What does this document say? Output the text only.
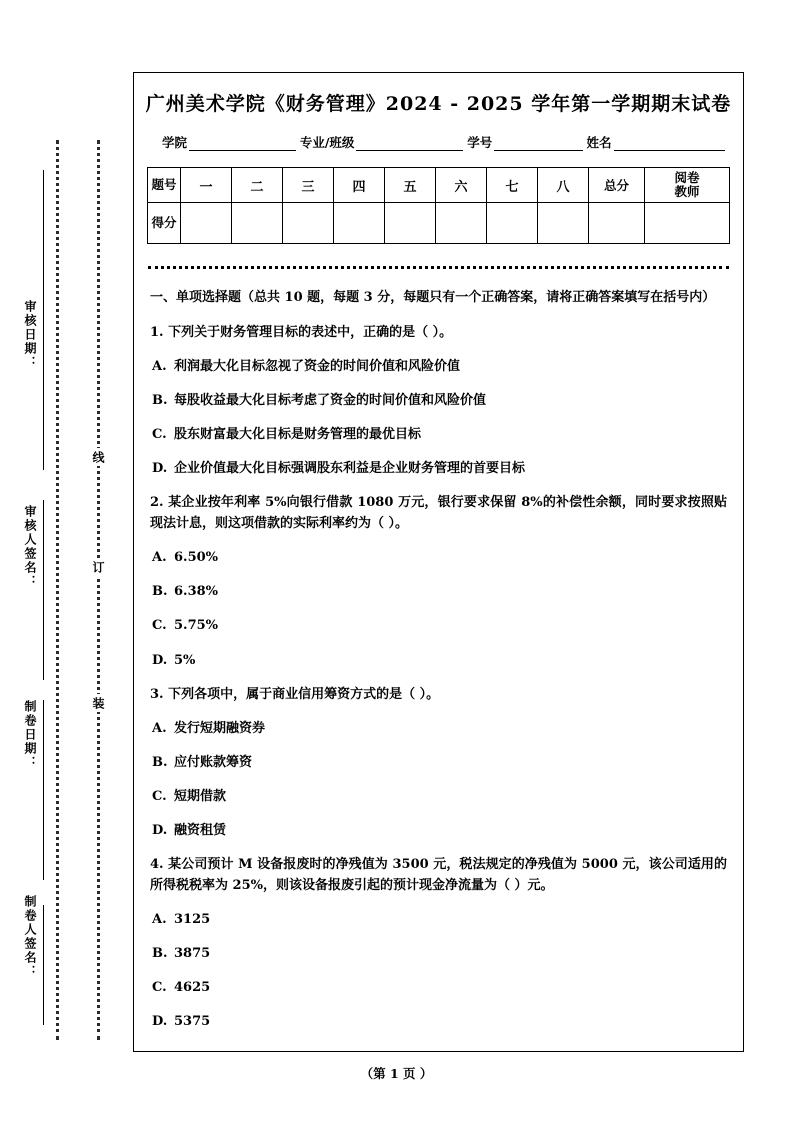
审核日期：
审核人签名：
制卷日期：
制卷人签名：
线
订
装
广州美术学院《财务管理》2024 - 2025 学年第一学期期末试卷
学院	专业/班级	学号	姓名
题号	一	二	三	四	五	六	七	八	总分	阅卷
教师
得分										
一、单项选择题（总共 10 题，每题 3 分，每题只有一个正确答案，请将正确答案填写在括号内）
1. 下列关于财务管理目标的表述中，正确的是（ ）。
A. 利润最大化目标忽视了资金的时间价值和风险价值
B. 每股收益最大化目标考虑了资金的时间价值和风险价值
C. 股东财富最大化目标是财务管理的最优目标
D. 企业价值最大化目标强调股东利益是企业财务管理的首要目标
2. 某企业按年利率 5%向银行借款 1080 万元，银行要求保留 8%的补偿性余额，同时要求按照贴现法计息，则这项借款的实际利率约为（ ）。
A. 6.50%
B. 6.38%
C. 5.75%
D. 5%
3. 下列各项中，属于商业信用筹资方式的是（ ）。
A. 发行短期融资券
B. 应付账款筹资
C. 短期借款
D. 融资租赁
4. 某公司预计 M 设备报废时的净残值为 3500 元，税法规定的净残值为 5000 元，该公司适用的所得税税率为 25%，则该设备报废引起的预计现金净流量为（ ）元。
A. 3125
B. 3875
C. 4625
D. 5375
（第 1 页 ）
